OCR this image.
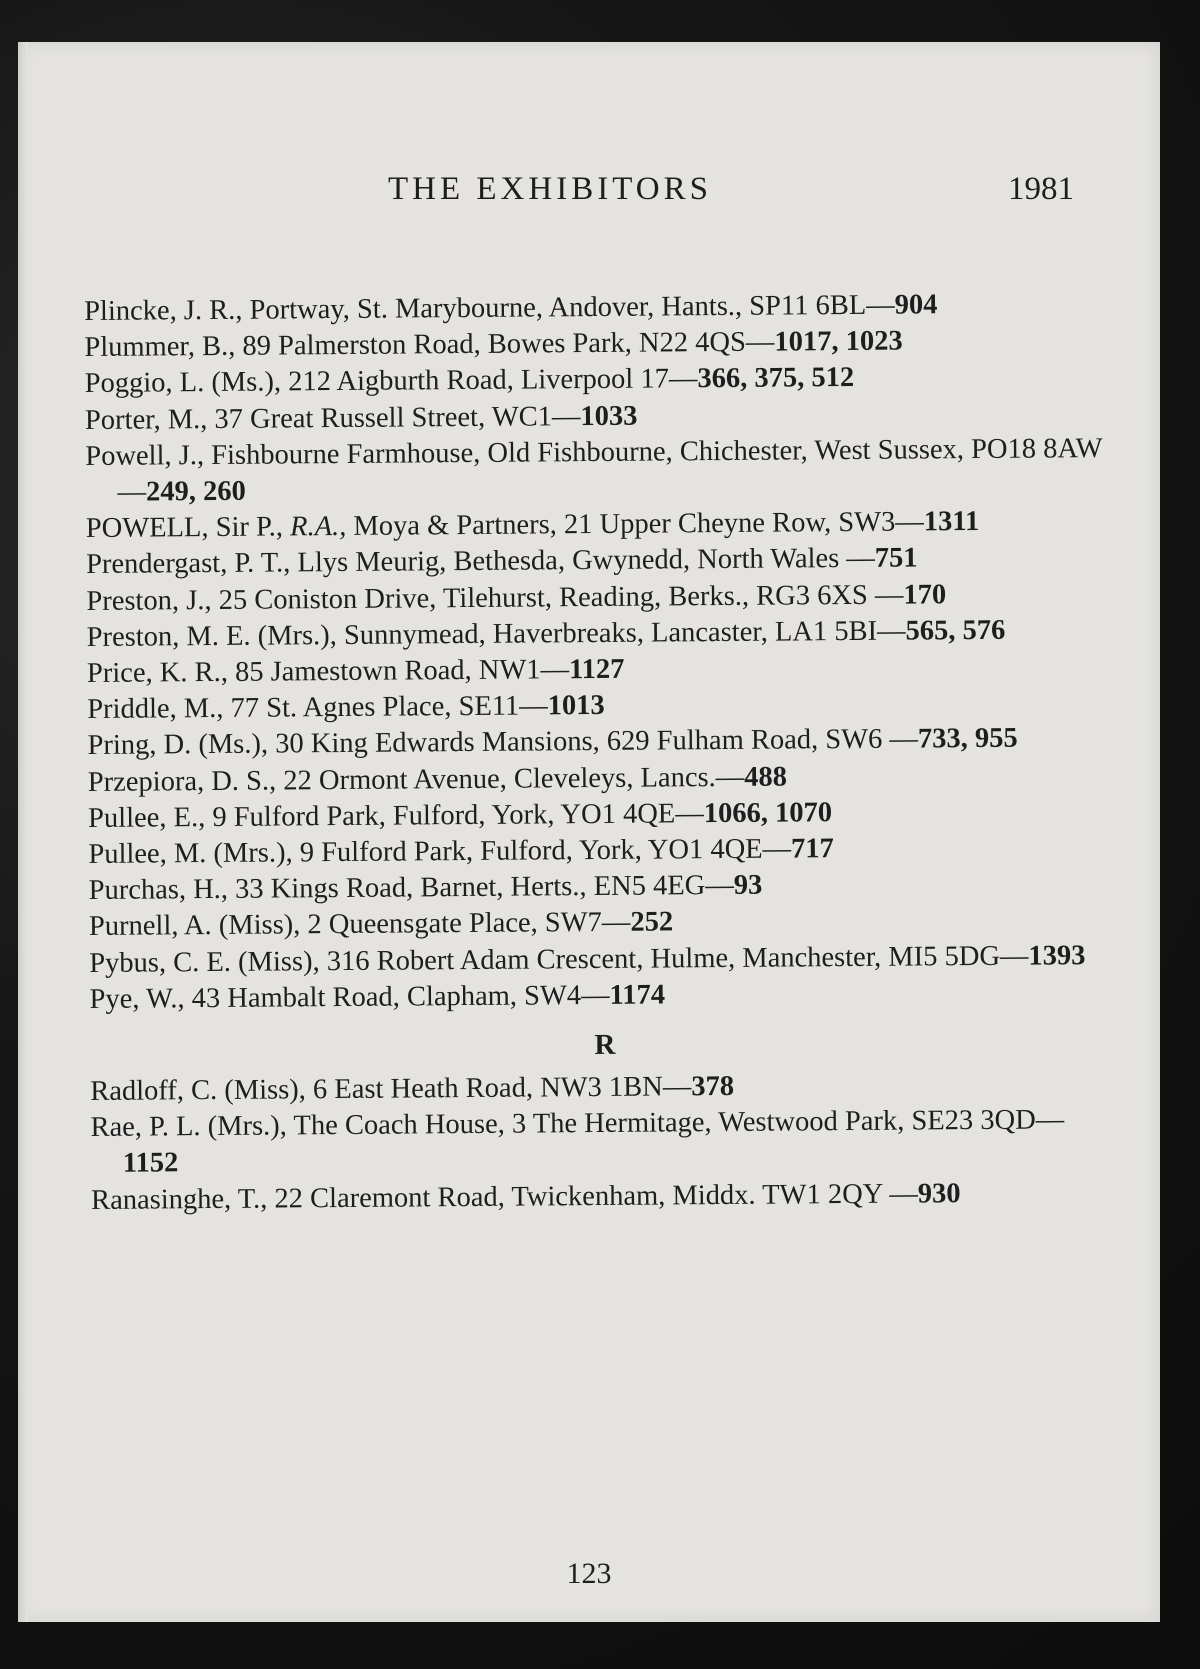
THE EXHIBITORS	1981

Plincke, J. R., Portway, St. Marybourne, Andover, Hants., SP11 6BL—904

Plummer, B., 89 Palmerston Road, Bowes Park, N22 4QS—1017, 1023

Poggio, L. (Ms.), 212 Aigburth Road, Liverpool 17—366, 375, 512

Porter, M., 37 Great Russell Street, WC1—1033

Powell, J., Fishbourne Farmhouse, Old Fishbourne, Chichester, West Sussex, PO18 8AW—249, 260

POWELL, Sir P., R.A., Moya & Partners, 21 Upper Cheyne Row, SW3—1311

Prendergast, P. T., Llys Meurig, Bethesda, Gwynedd, North Wales —751

Preston, J., 25 Coniston Drive, Tilehurst, Reading, Berks., RG3 6XS —170

Preston, M. E. (Mrs.), Sunnymead, Haverbreaks, Lancaster, LA1 5BI—565, 576

Price, K. R., 85 Jamestown Road, NW1—1127

Priddle, M., 77 St. Agnes Place, SE11—1013

Pring, D. (Ms.), 30 King Edwards Mansions, 629 Fulham Road, SW6 —733, 955

Przepiora, D. S., 22 Ormont Avenue, Cleveleys, Lancs.—488

Pullee, E., 9 Fulford Park, Fulford, York, YO1 4QE—1066, 1070

Pullee, M. (Mrs.), 9 Fulford Park, Fulford, York, YO1 4QE—717

Purchas, H., 33 Kings Road, Barnet, Herts., EN5 4EG—93

Purnell, A. (Miss), 2 Queensgate Place, SW7—252

Pybus, C. E. (Miss), 316 Robert Adam Crescent, Hulme, Manchester, MI5 5DG—1393

Pye, W., 43 Hambalt Road, Clapham, SW4—1174

R

Radloff, C. (Miss), 6 East Heath Road, NW3 1BN—378

Rae, P. L. (Mrs.), The Coach House, 3 The Hermitage, Westwood Park, SE23 3QD—1152

Ranasinghe, T., 22 Claremont Road, Twickenham, Middx. TW1 2QY —930

123
